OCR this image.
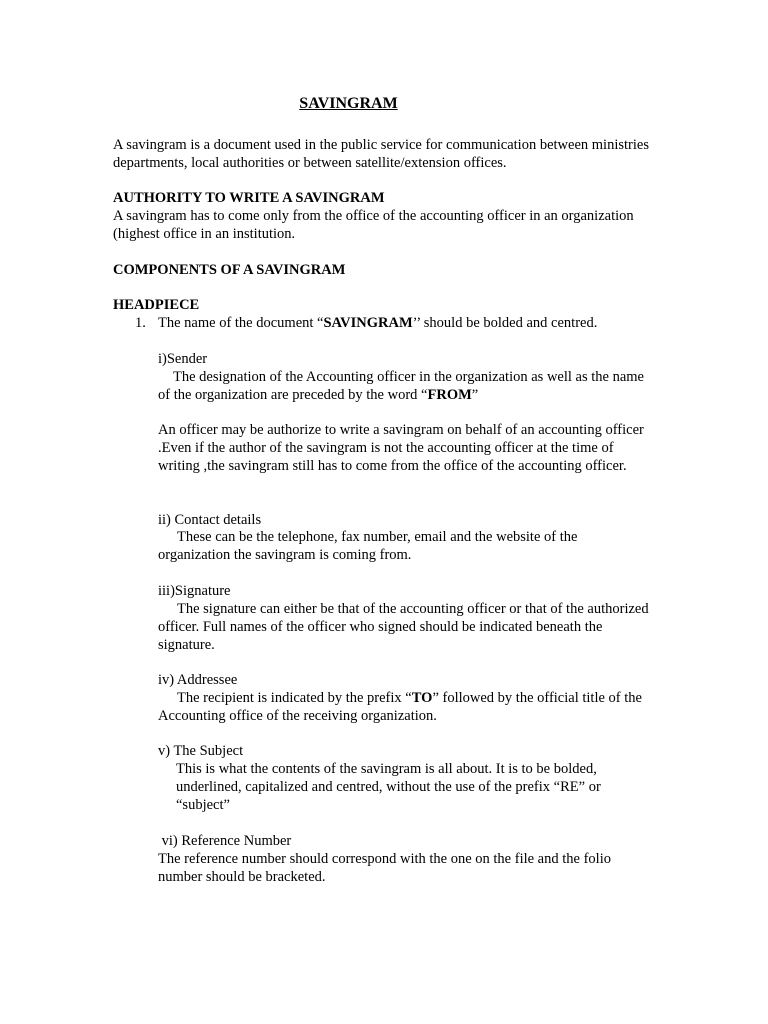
SAVINGRAM

A savingram is a document used in the public service for communication between ministries departments, local authorities or between satellite/extension offices.

AUTHORITY TO WRITE A SAVINGRAM

A savingram has to come only from the office of the accounting officer in an organization (highest office in an institution.

COMPONENTS OF A SAVINGRAM

HEADPIECE

1. The name of the document “SAVINGRAM’’ should be bolded and centred.

i)Sender

The designation of the Accounting officer in the organization as well as the name of the organization are preceded by the word “FROM”

An officer may be authorize to write a savingram on behalf of an accounting officer .Even if the author of the savingram is not the accounting officer at the time of writing ,the savingram still has to come from the office of the accounting officer.

ii) Contact details

These can be the telephone, fax number, email and the website of the organization the savingram is coming from.

iii)Signature

The signature can either be that of the accounting officer or that of the authorized officer. Full names of the officer who signed should be indicated beneath the signature.

iv) Addressee

The recipient is indicated by the prefix “TO” followed by the official title of the Accounting office of the receiving organization.

v) The Subject

This is what the contents of the savingram is all about. It is to be bolded, underlined, capitalized and centred, without the use of the prefix “RE” or “subject”

vi) Reference Number

The reference number should correspond with the one on the file and the folio number should be bracketed.
